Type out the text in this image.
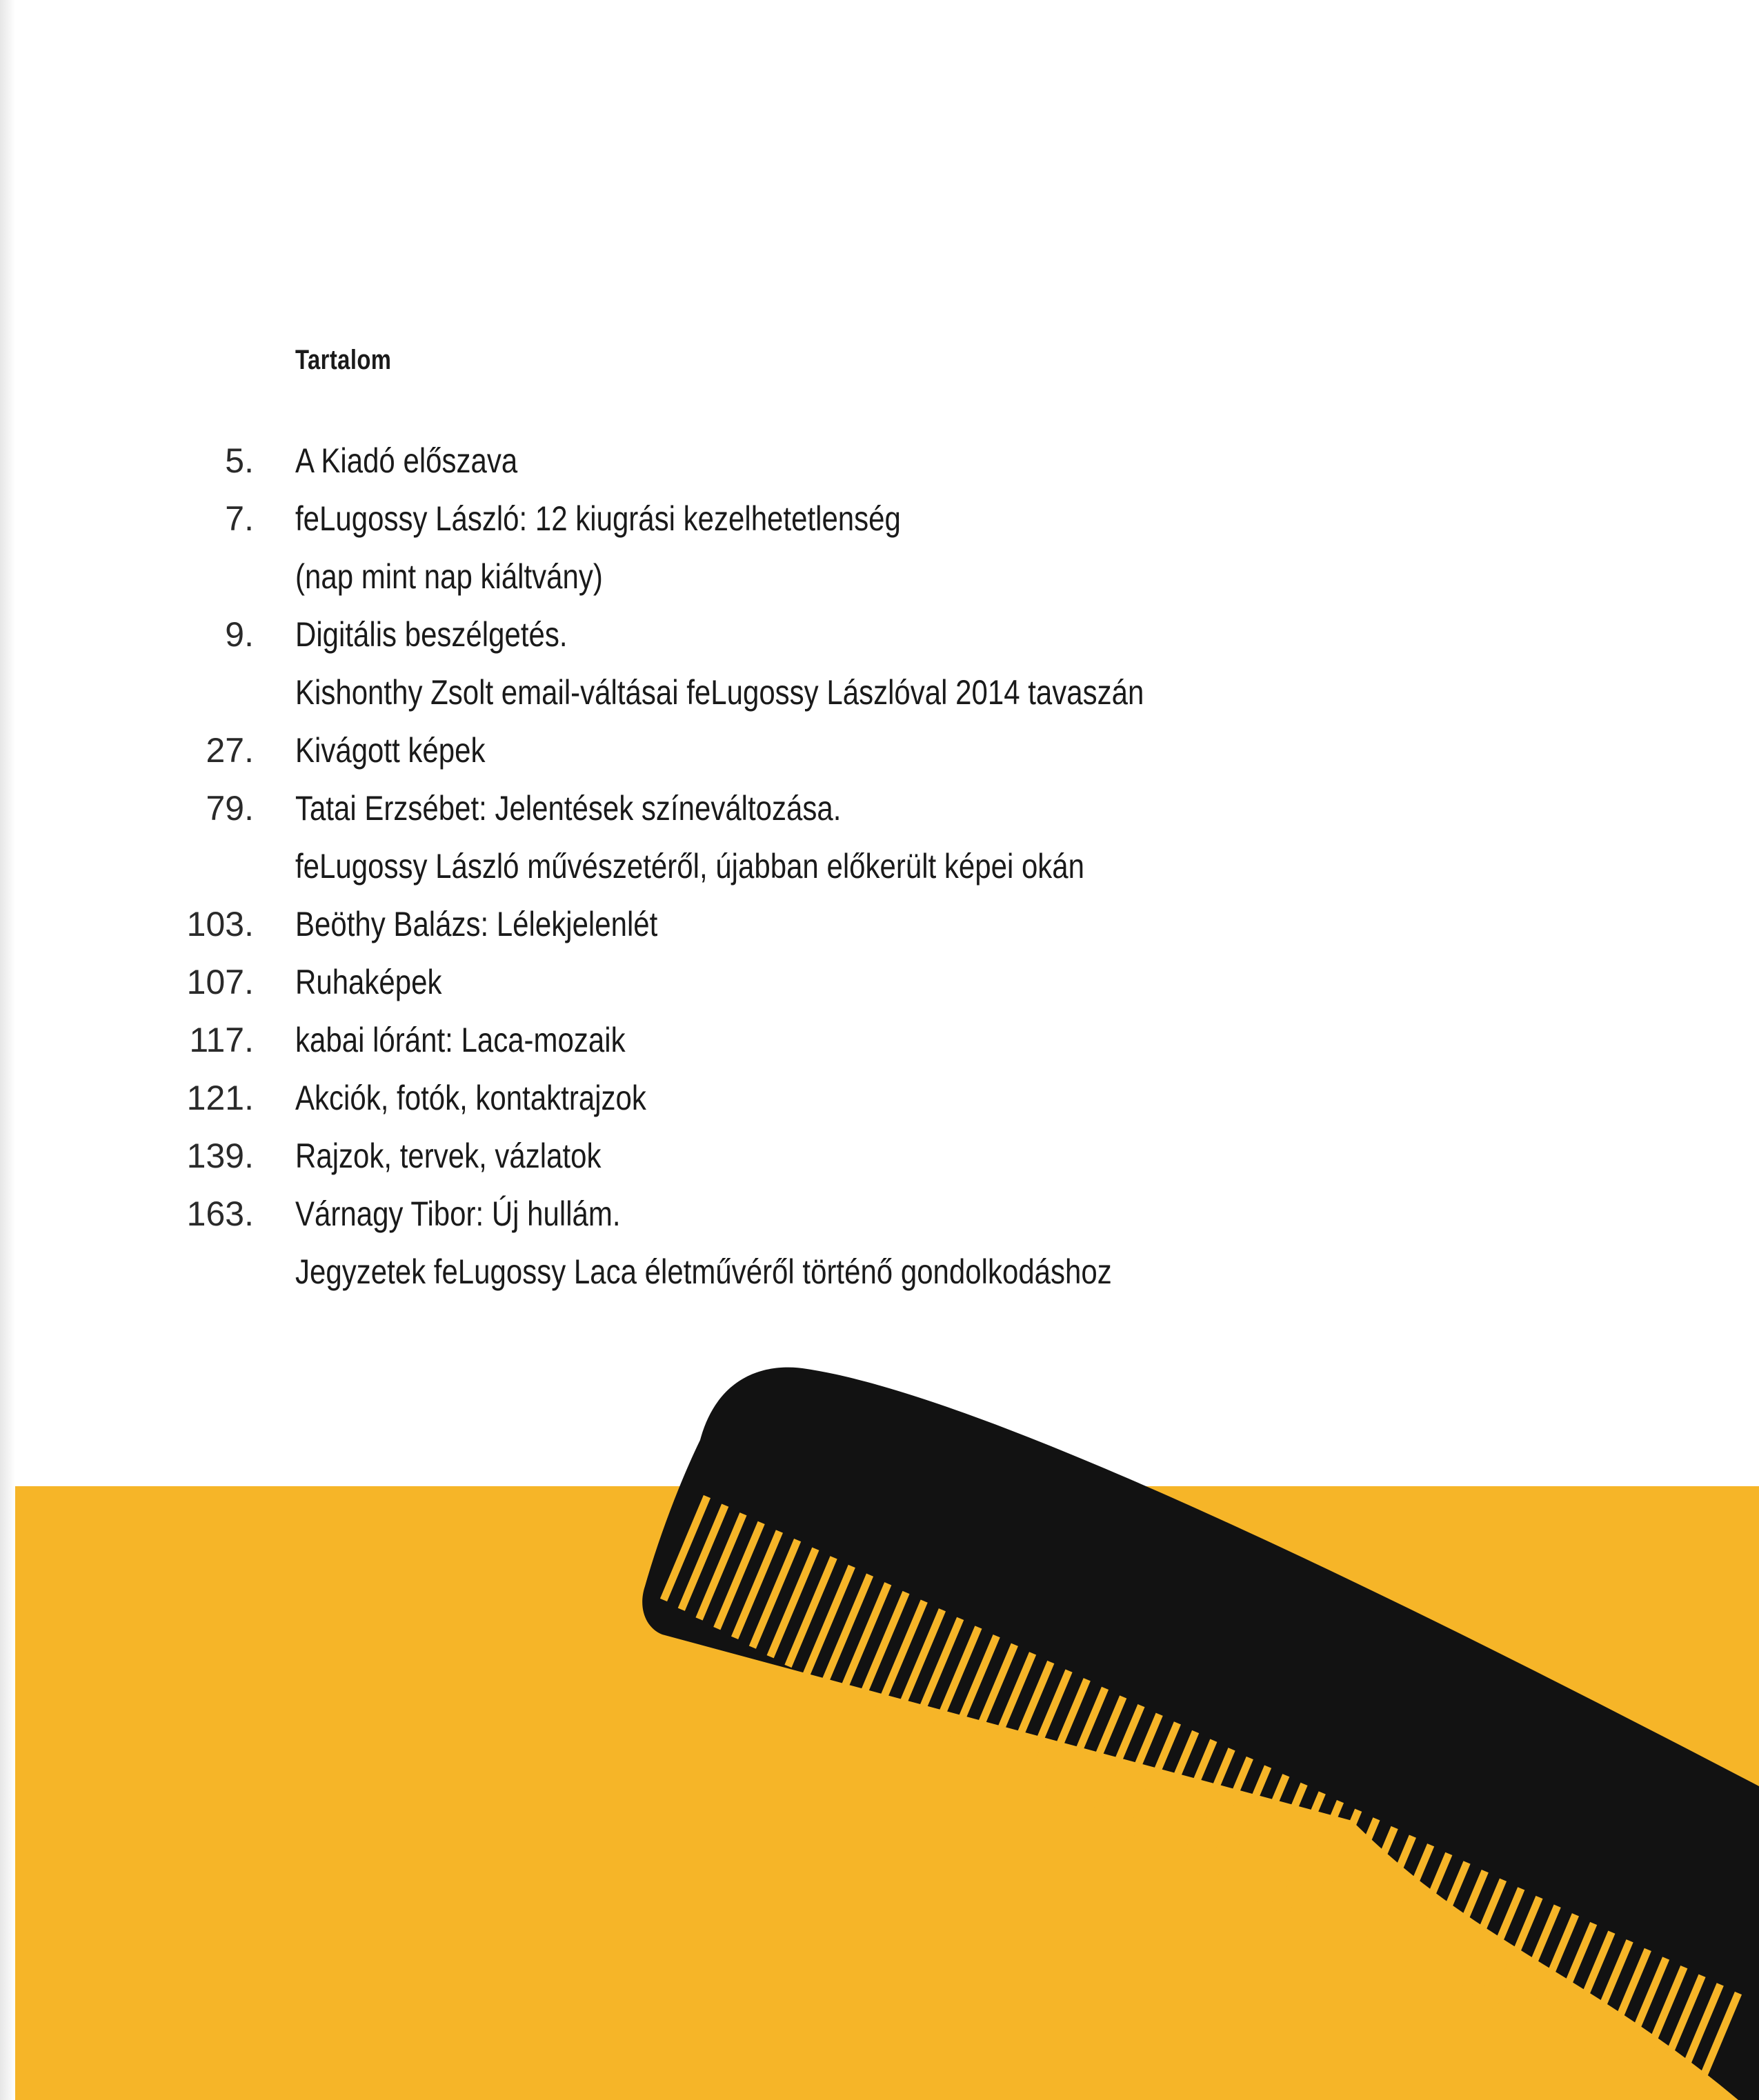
Tartalom
5. A Kiadó előszava
7. feLugossy László: 12 kiugrási kezelhetetlenség
(nap mint nap kiáltvány)
9. Digitális beszélgetés.
Kishonthy Zsolt email-váltásai feLugossy Lászlóval 2014 tavaszán
27. Kivágott képek
79. Tatai Erzsébet: Jelentések színeváltozása.
feLugossy László művészetéről, újabban előkerült képei okán
103. Beöthy Balázs: Lélekjelenlét
107. Ruhaképek
117. kabai lóránt: Laca-mozaik
121. Akciók, fotók, kontaktrajzok
139. Rajzok, tervek, vázlatok
163. Várnagy Tibor: Új hullám.
Jegyzetek feLugossy Laca életművéről történő gondolkodáshoz
